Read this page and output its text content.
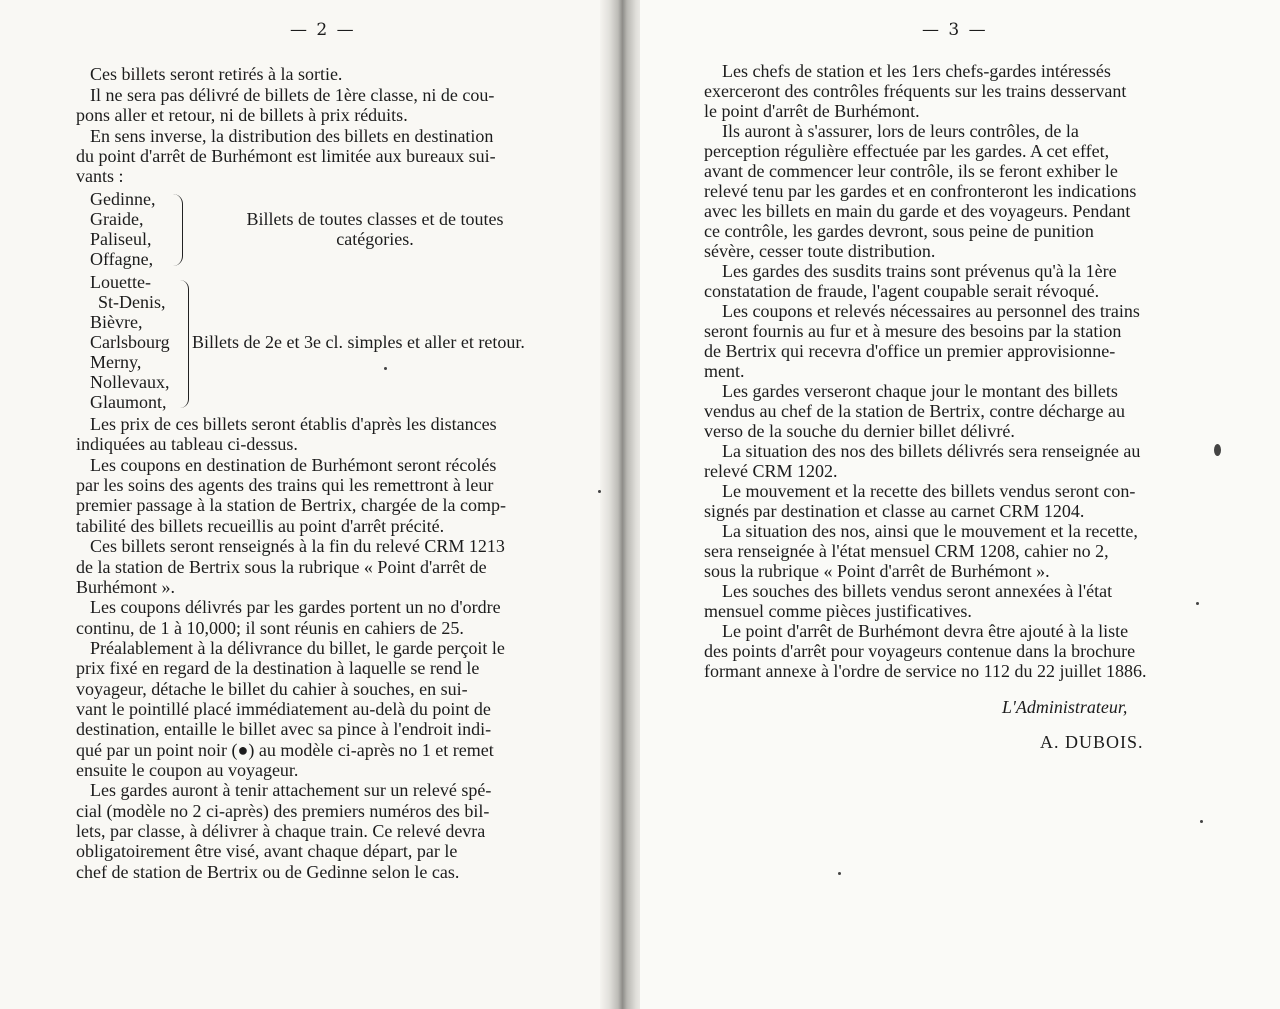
— 2 —	— 3 —
Ces billets seront retirés à la sortie.
Il ne sera pas délivré de billets de 1ère classe, ni de cou-
pons aller et retour, ni de billets à prix réduits.
En sens inverse, la distribution des billets en destination
du point d'arrêt de Burhémont est limitée aux bureaux sui-
vants :
Gedinne,
Graide,
Paliseul,
Offagne,
Billets de toutes classes et de toutes
catégories.
Louette-
St-Denis,
Bièvre,
Carlsbourg
Merny,
Nollevaux,
Glaumont,
Billets de 2e et 3e cl. simples et aller et retour.
Les prix de ces billets seront établis d'après les distances
indiquées au tableau ci-dessus.
Les coupons en destination de Burhémont seront récolés
par les soins des agents des trains qui les remettront à leur
premier passage à la station de Bertrix, chargée de la comp-
tabilité des billets recueillis au point d'arrêt précité.
Ces billets seront renseignés à la fin du relevé CRM 1213
de la station de Bertrix sous la rubrique « Point d'arrêt de
Burhémont ».
Les coupons délivrés par les gardes portent un no d'ordre
continu, de 1 à 10,000; il sont réunis en cahiers de 25.
Préalablement à la délivrance du billet, le garde perçoit le
prix fixé en regard de la destination à laquelle se rend le
voyageur, détache le billet du cahier à souches, en sui-
vant le pointillé placé immédiatement au-delà du point de
destination, entaille le billet avec sa pince à l'endroit indi-
qué par un point noir (●) au modèle ci-après no 1 et remet
ensuite le coupon au voyageur.
Les gardes auront à tenir attachement sur un relevé spé-
cial (modèle no 2 ci-après) des premiers numéros des bil-
lets, par classe, à délivrer à chaque train. Ce relevé devra
obligatoirement être visé, avant chaque départ, par le
chef de station de Bertrix ou de Gedinne selon le cas.
Les chefs de station et les 1ers chefs-gardes intéressés
exerceront des contrôles fréquents sur les trains desservant
le point d'arrêt de Burhémont.
Ils auront à s'assurer, lors de leurs contrôles, de la
perception régulière effectuée par les gardes. A cet effet,
avant de commencer leur contrôle, ils se feront exhiber le
relevé tenu par les gardes et en confronteront les indications
avec les billets en main du garde et des voyageurs. Pendant
ce contrôle, les gardes devront, sous peine de punition
sévère, cesser toute distribution.
Les gardes des susdits trains sont prévenus qu'à la 1ère
constatation de fraude, l'agent coupable serait révoqué.
Les coupons et relevés nécessaires au personnel des trains
seront fournis au fur et à mesure des besoins par la station
de Bertrix qui recevra d'office un premier approvisionne-
ment.
Les gardes verseront chaque jour le montant des billets
vendus au chef de la station de Bertrix, contre décharge au
verso de la souche du dernier billet délivré.
La situation des nos des billets délivrés sera renseignée au
relevé CRM 1202.
Le mouvement et la recette des billets vendus seront con-
signés par destination et classe au carnet CRM 1204.
La situation des nos, ainsi que le mouvement et la recette,
sera renseignée à l'état mensuel CRM 1208, cahier no 2,
sous la rubrique « Point d'arrêt de Burhémont ».
Les souches des billets vendus seront annexées à l'état
mensuel comme pièces justificatives.
Le point d'arrêt de Burhémont devra être ajouté à la liste
des points d'arrêt pour voyageurs contenue dans la brochure
formant annexe à l'ordre de service no 112 du 22 juillet 1886.
L'Administrateur,
A. DUBOIS.
